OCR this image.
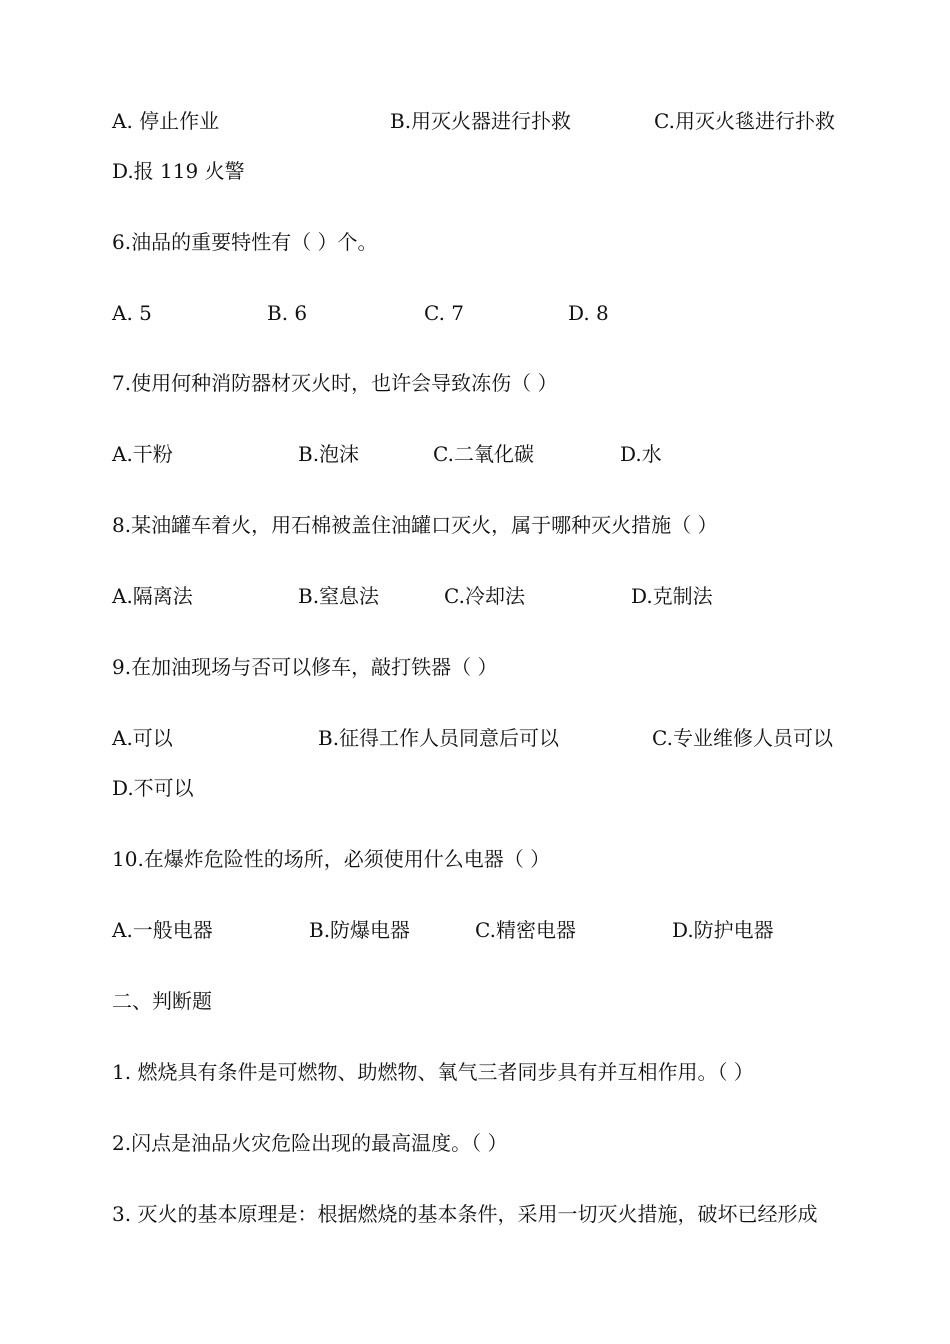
A. 停止作业	B.用灭火器进行扑救	C.用灭火毯进行扑救
D.报 119 火警
6.油品的重要特性有（ ）个。
A. 5	B. 6	C. 7	D. 8
7.使用何种消防器材灭火时，也许会导致冻伤（ ）
A.干粉	B.泡沫	C.二氧化碳	D.水
8.某油罐车着火，用石棉被盖住油罐口灭火，属于哪种灭火措施（ ）
A.隔离法	B.窒息法	C.冷却法	D.克制法
9.在加油现场与否可以修车，敲打铁器（ ）
A.可以	B.征得工作人员同意后可以	C.专业维修人员可以
D.不可以
10.在爆炸危险性的场所，必须使用什么电器（ ）
A.一般电器	B.防爆电器	C.精密电器	D.防护电器
二、判断题
1. 燃烧具有条件是可燃物、助燃物、氧气三者同步具有并互相作用。（ ）
2.闪点是油品火灾危险出现的最高温度。（ ）
3. 灭火的基本原理是：根据燃烧的基本条件，采用一切灭火措施，破坏已经形成
